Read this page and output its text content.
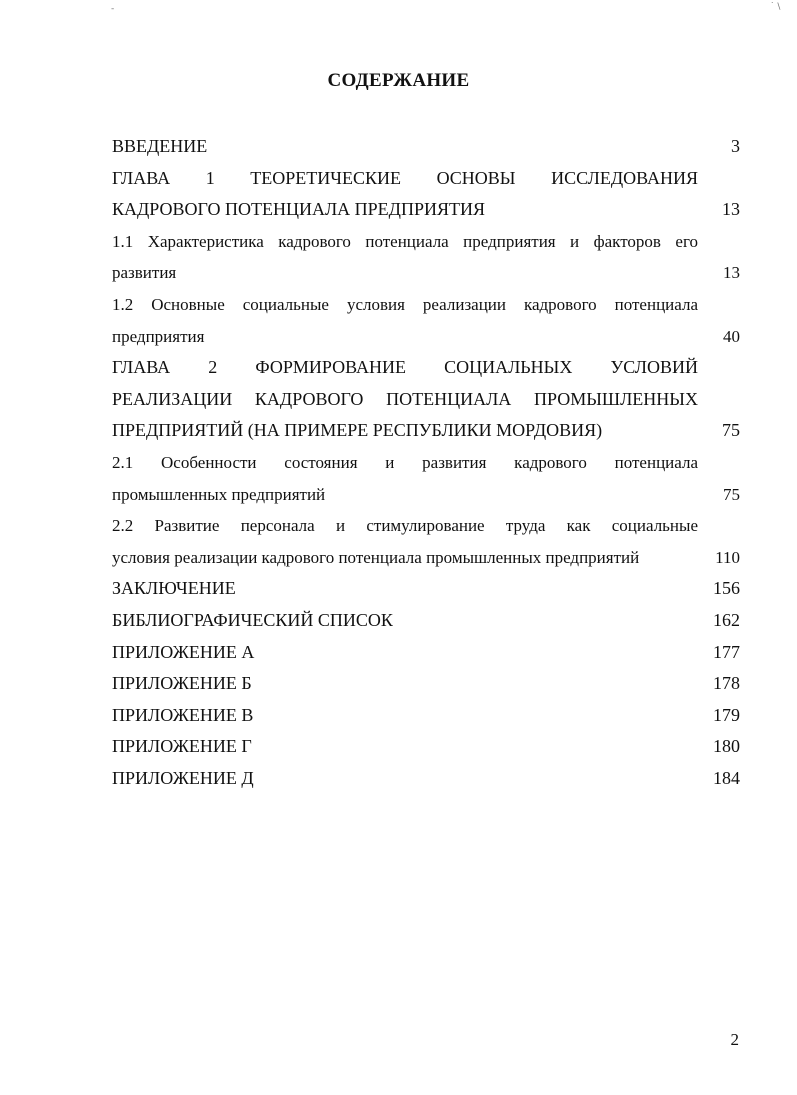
-	˙ \
СОДЕРЖАНИЕ
ВВЕДЕНИЕ	3
ГЛАВА 1 ТЕОРЕТИЧЕСКИЕ ОСНОВЫ ИССЛЕДОВАНИЯ
КАДРОВОГО ПОТЕНЦИАЛА ПРЕДПРИЯТИЯ	13
1.1 Характеристика кадрового потенциала предприятия и факторов его
развития	13
1.2 Основные социальные условия реализации кадрового потенциала
предприятия	40
ГЛАВА 2 ФОРМИРОВАНИЕ СОЦИАЛЬНЫХ УСЛОВИЙ
РЕАЛИЗАЦИИ КАДРОВОГО ПОТЕНЦИАЛА ПРОМЫШЛЕННЫХ
ПРЕДПРИЯТИЙ (НА ПРИМЕРЕ РЕСПУБЛИКИ МОРДОВИЯ)	75
2.1 Особенности состояния и развития кадрового потенциала
промышленных предприятий	75
2.2 Развитие персонала и стимулирование труда как социальные
условия реализации кадрового потенциала промышленных предприятий	110
ЗАКЛЮЧЕНИЕ	156
БИБЛИОГРАФИЧЕСКИЙ СПИСОК	162
ПРИЛОЖЕНИЕ А	177
ПРИЛОЖЕНИЕ Б	178
ПРИЛОЖЕНИЕ В	179
ПРИЛОЖЕНИЕ Г	180
ПРИЛОЖЕНИЕ Д	184
2
